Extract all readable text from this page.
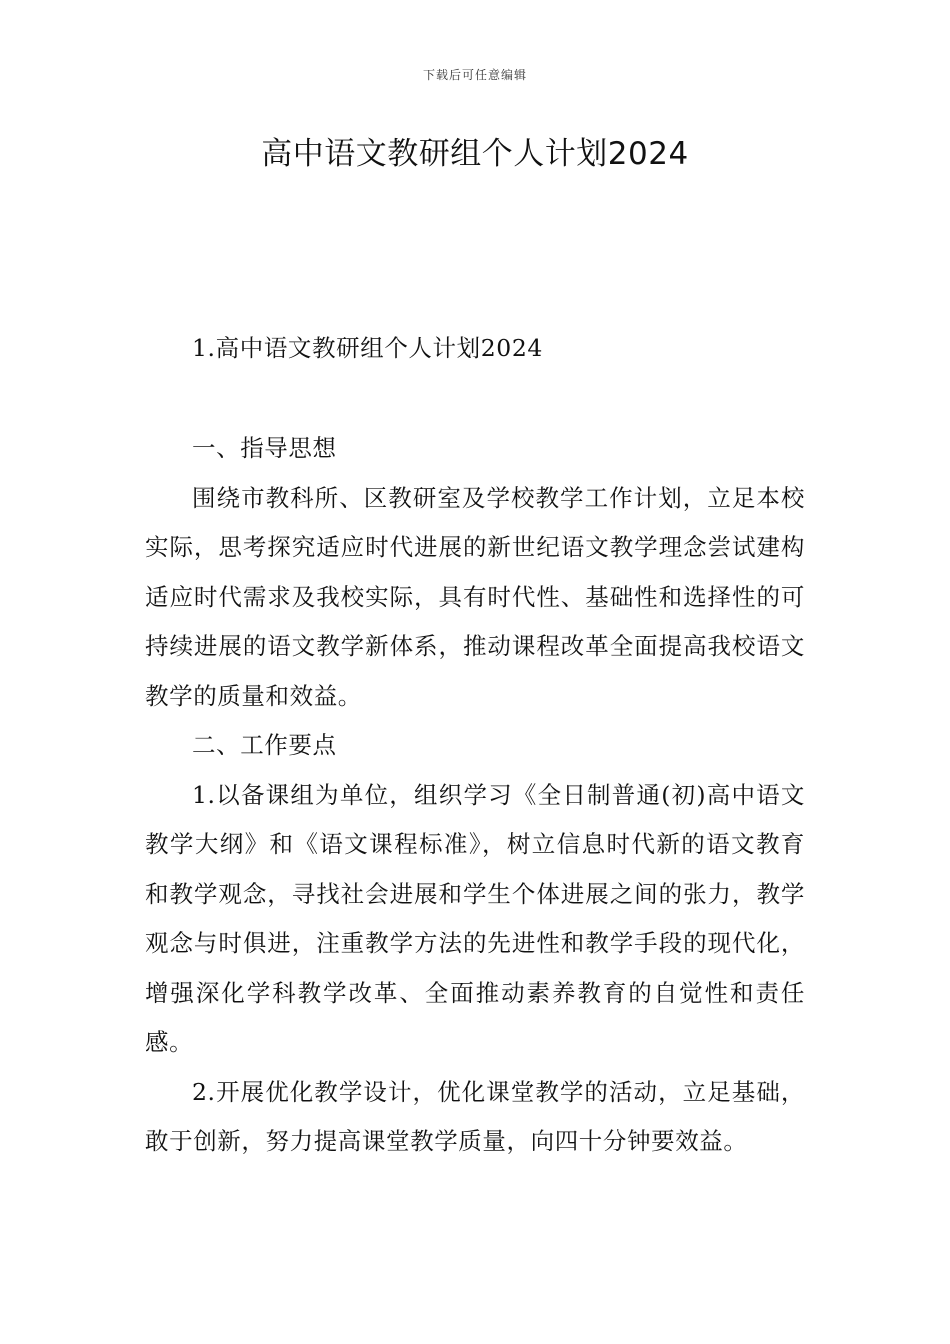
下载后可任意编辑
高中语文教研组个人计划2024

1.高中语文教研组个人计划2024

一、指导思想

围绕市教科所、区教研室及学校教学工作计划，立足本校实际，思考探究适应时代进展的新世纪语文教学理念尝试建构适应时代需求及我校实际，具有时代性、基础性和选择性的可持续进展的语文教学新体系，推动课程改革全面提高我校语文教学的质量和效益。

二、工作要点

1.以备课组为单位，组织学习《全日制普通(初)高中语文教学大纲》和《语文课程标准》，树立信息时代新的语文教育和教学观念，寻找社会进展和学生个体进展之间的张力，教学观念与时俱进，注重教学方法的先进性和教学手段的现代化，增强深化学科教学改革、全面推动素养教育的自觉性和责任感。

2.开展优化教学设计，优化课堂教学的活动，立足基础，敢于创新，努力提高课堂教学质量，向四十分钟要效益。
